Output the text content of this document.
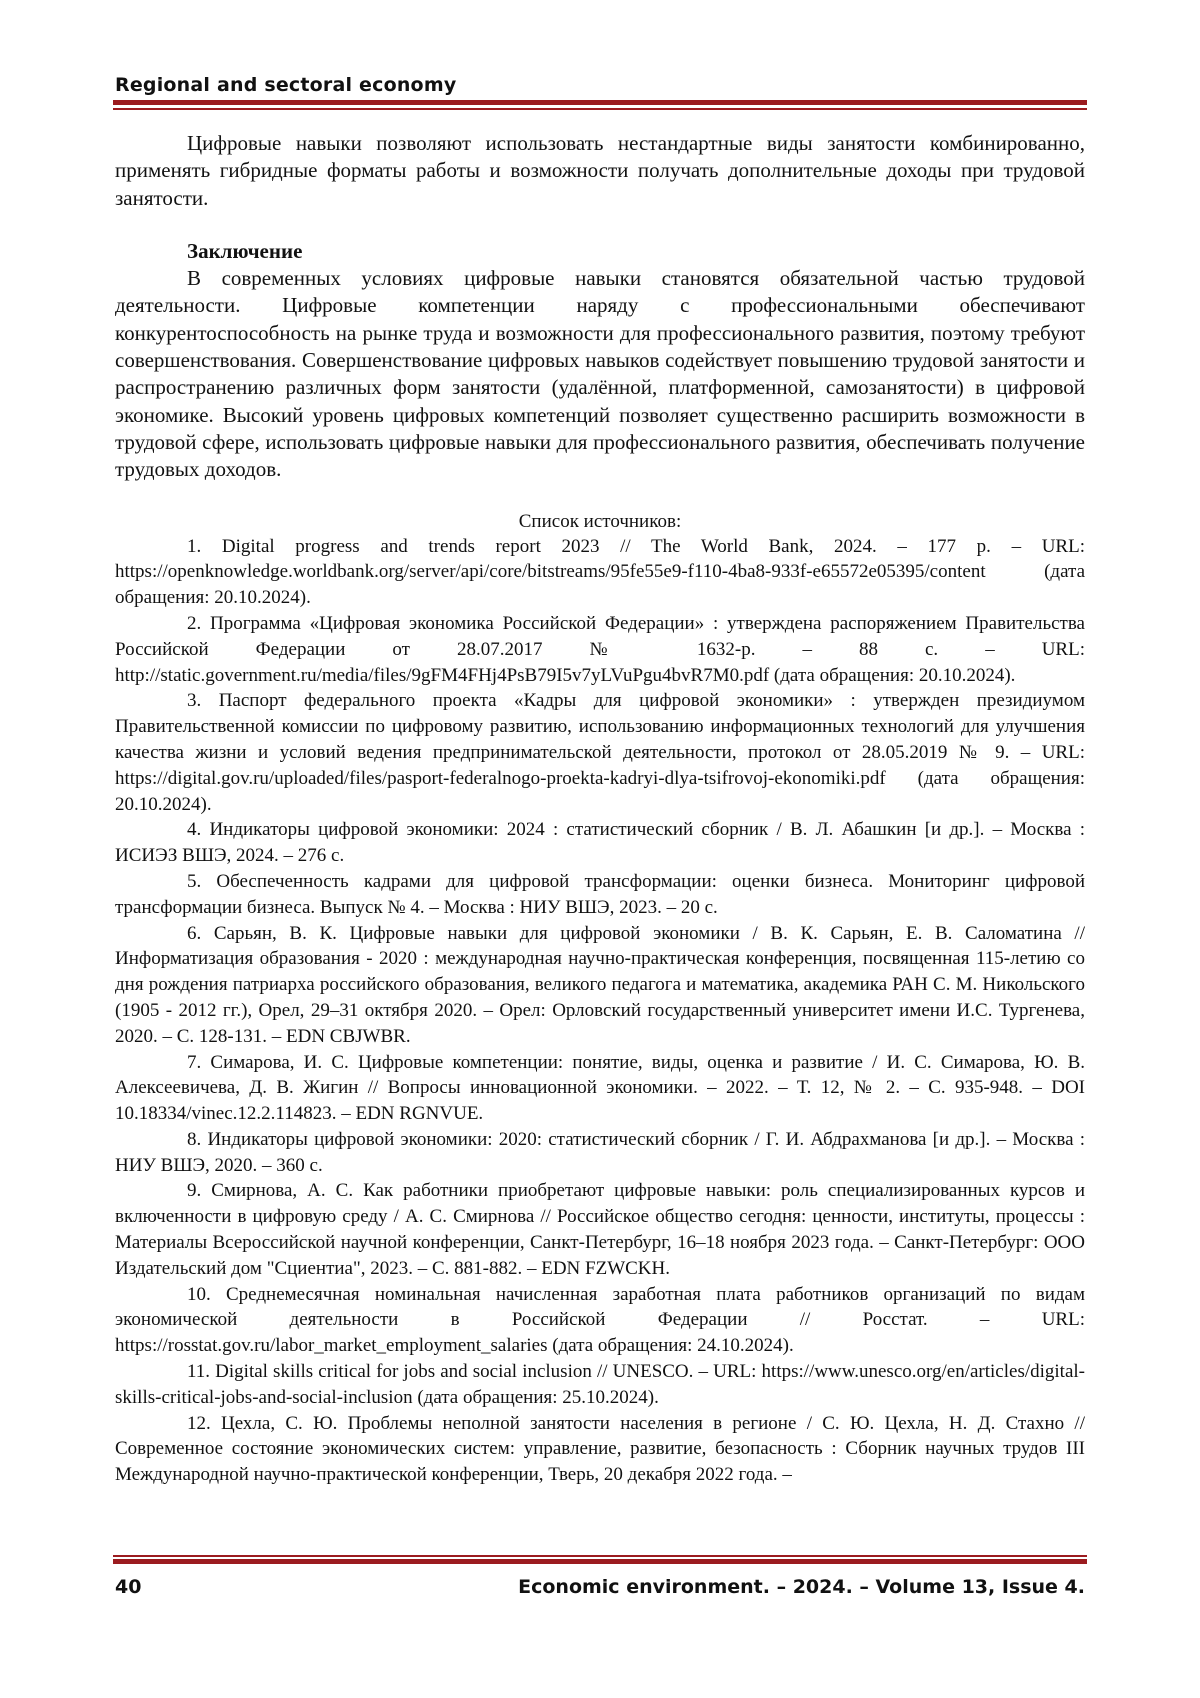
Regional and sectoral economy

Цифровые навыки позволяют использовать нестандартные виды занятости комбинированно, применять гибридные форматы работы и возможности получать дополнительные доходы при трудовой занятости.

Заключение

В современных условиях цифровые навыки становятся обязательной частью трудовой деятельности. Цифровые компетенции наряду с профессиональными обеспечивают конкурентоспособность на рынке труда и возможности для профессионального развития, поэтому требуют совершенствования. Совершенствование цифровых навыков содействует повышению трудовой занятости и распространению различных форм занятости (удалённой, платформенной, самозанятости) в цифровой экономике. Высокий уровень цифровых компетенций позволяет существенно расширить возможности в трудовой сфере, использовать цифровые навыки для профессионального развития, обеспечивать получение трудовых доходов.

Список источников:

1. Digital progress and trends report 2023 // The World Bank, 2024. – 177 p. – URL: https://openknowledge.worldbank.org/server/api/core/bitstreams/95fe55e9-f110-4ba8-933f-e65572e05395/content (дата обращения: 20.10.2024).

2. Программа «Цифровая экономика Российской Федерации» : утверждена распоряжением Правительства Российской Федерации от 28.07.2017 № 1632-р. – 88 с. – URL: http://static.government.ru/media/files/9gFM4FHj4PsB79I5v7yLVuPgu4bvR7M0.pdf (дата обращения: 20.10.2024).

3. Паспорт федерального проекта «Кадры для цифровой экономики» : утвержден президиумом Правительственной комиссии по цифровому развитию, использованию информационных технологий для улучшения качества жизни и условий ведения предпринимательской деятельности, протокол от 28.05.2019 № 9. – URL: https://digital.gov.ru/uploaded/files/pasport-federalnogo-proekta-kadryi-dlya-tsifrovoj-ekonomiki.pdf (дата обращения: 20.10.2024).

4. Индикаторы цифровой экономики: 2024 : статистический сборник / В. Л. Абашкин [и др.]. – Москва : ИСИЭЗ ВШЭ, 2024. – 276 с.

5. Обеспеченность кадрами для цифровой трансформации: оценки бизнеса. Мониторинг цифровой трансформации бизнеса. Выпуск № 4. – Москва : НИУ ВШЭ, 2023. – 20 с.

6. Сарьян, В. К. Цифровые навыки для цифровой экономики / В. К. Сарьян, Е. В. Саломатина // Информатизация образования - 2020 : международная научно-практическая конференция, посвященная 115-летию со дня рождения патриарха российского образования, великого педагога и математика, академика РАН С. М. Никольского (1905 - 2012 гг.), Орел, 29–31 октября 2020. – Орел: Орловский государственный университет имени И.С. Тургенева, 2020. – С. 128-131. – EDN CBJWBR.

7. Симарова, И. С. Цифровые компетенции: понятие, виды, оценка и развитие / И. С. Симарова, Ю. В. Алексеевичева, Д. В. Жигин // Вопросы инновационной экономики. – 2022. – Т. 12, № 2. – С. 935-948. – DOI 10.18334/vinec.12.2.114823. – EDN RGNVUE.

8. Индикаторы цифровой экономики: 2020: статистический сборник / Г. И. Абдрахманова [и др.]. – Москва : НИУ ВШЭ, 2020. – 360 с.

9. Смирнова, А. С. Как работники приобретают цифровые навыки: роль специализированных курсов и включенности в цифровую среду / А. С. Смирнова // Российское общество сегодня: ценности, институты, процессы : Материалы Всероссийской научной конференции, Санкт-Петербург, 16–18 ноября 2023 года. – Санкт-Петербург: ООО Издательский дом "Сциентиа", 2023. – С. 881-882. – EDN FZWCKH.

10. Среднемесячная номинальная начисленная заработная плата работников организаций по видам экономической деятельности в Российской Федерации // Росстат. – URL: https://rosstat.gov.ru/labor_market_employment_salaries (дата обращения: 24.10.2024).

11. Digital skills critical for jobs and social inclusion // UNESCO. – URL: https://www.unesco.org/en/articles/digital-skills-critical-jobs-and-social-inclusion (дата обращения: 25.10.2024).

12. Цехла, С. Ю. Проблемы неполной занятости населения в регионе / С. Ю. Цехла, Н. Д. Стахно // Современное состояние экономических систем: управление, развитие, безопасность : Сборник научных трудов III Международной научно-практической конференции, Тверь, 20 декабря 2022 года. –

40	Economic environment. – 2024. – Volume 13, Issue 4.
